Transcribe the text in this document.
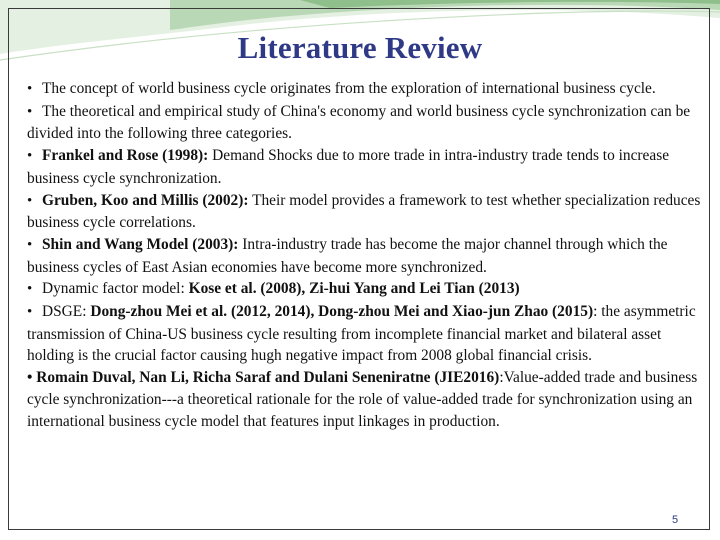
Literature Review

• The concept of world business cycle originates from the exploration of international business cycle.

• The theoretical and empirical study of China's economy and world business cycle synchronization can be divided into the following three categories.

• Frankel and Rose (1998): Demand Shocks due to more trade in intra-industry trade tends to increase business cycle synchronization.

• Gruben, Koo and Millis (2002): Their model provides a framework to test whether specialization reduces business cycle correlations.

• Shin and Wang Model (2003): Intra-industry trade has become the major channel through which the business cycles of East Asian economies have become more synchronized.

• Dynamic factor model: Kose et al. (2008), Zi-hui Yang and Lei Tian (2013)

• DSGE: Dong-zhou Mei et al. (2012, 2014), Dong-zhou Mei and Xiao-jun Zhao (2015): the asymmetric transmission of China-US business cycle resulting from incomplete financial market and bilateral asset holding is the crucial factor causing hugh negative impact from 2008 global financial crisis.

• Romain Duval, Nan Li, Richa Saraf and Dulani Seneniratne (JIE2016):Value-added trade and business cycle synchronization---a theoretical rationale for the role of value-added trade for synchronization using an international business cycle model that features input linkages in production.

5
